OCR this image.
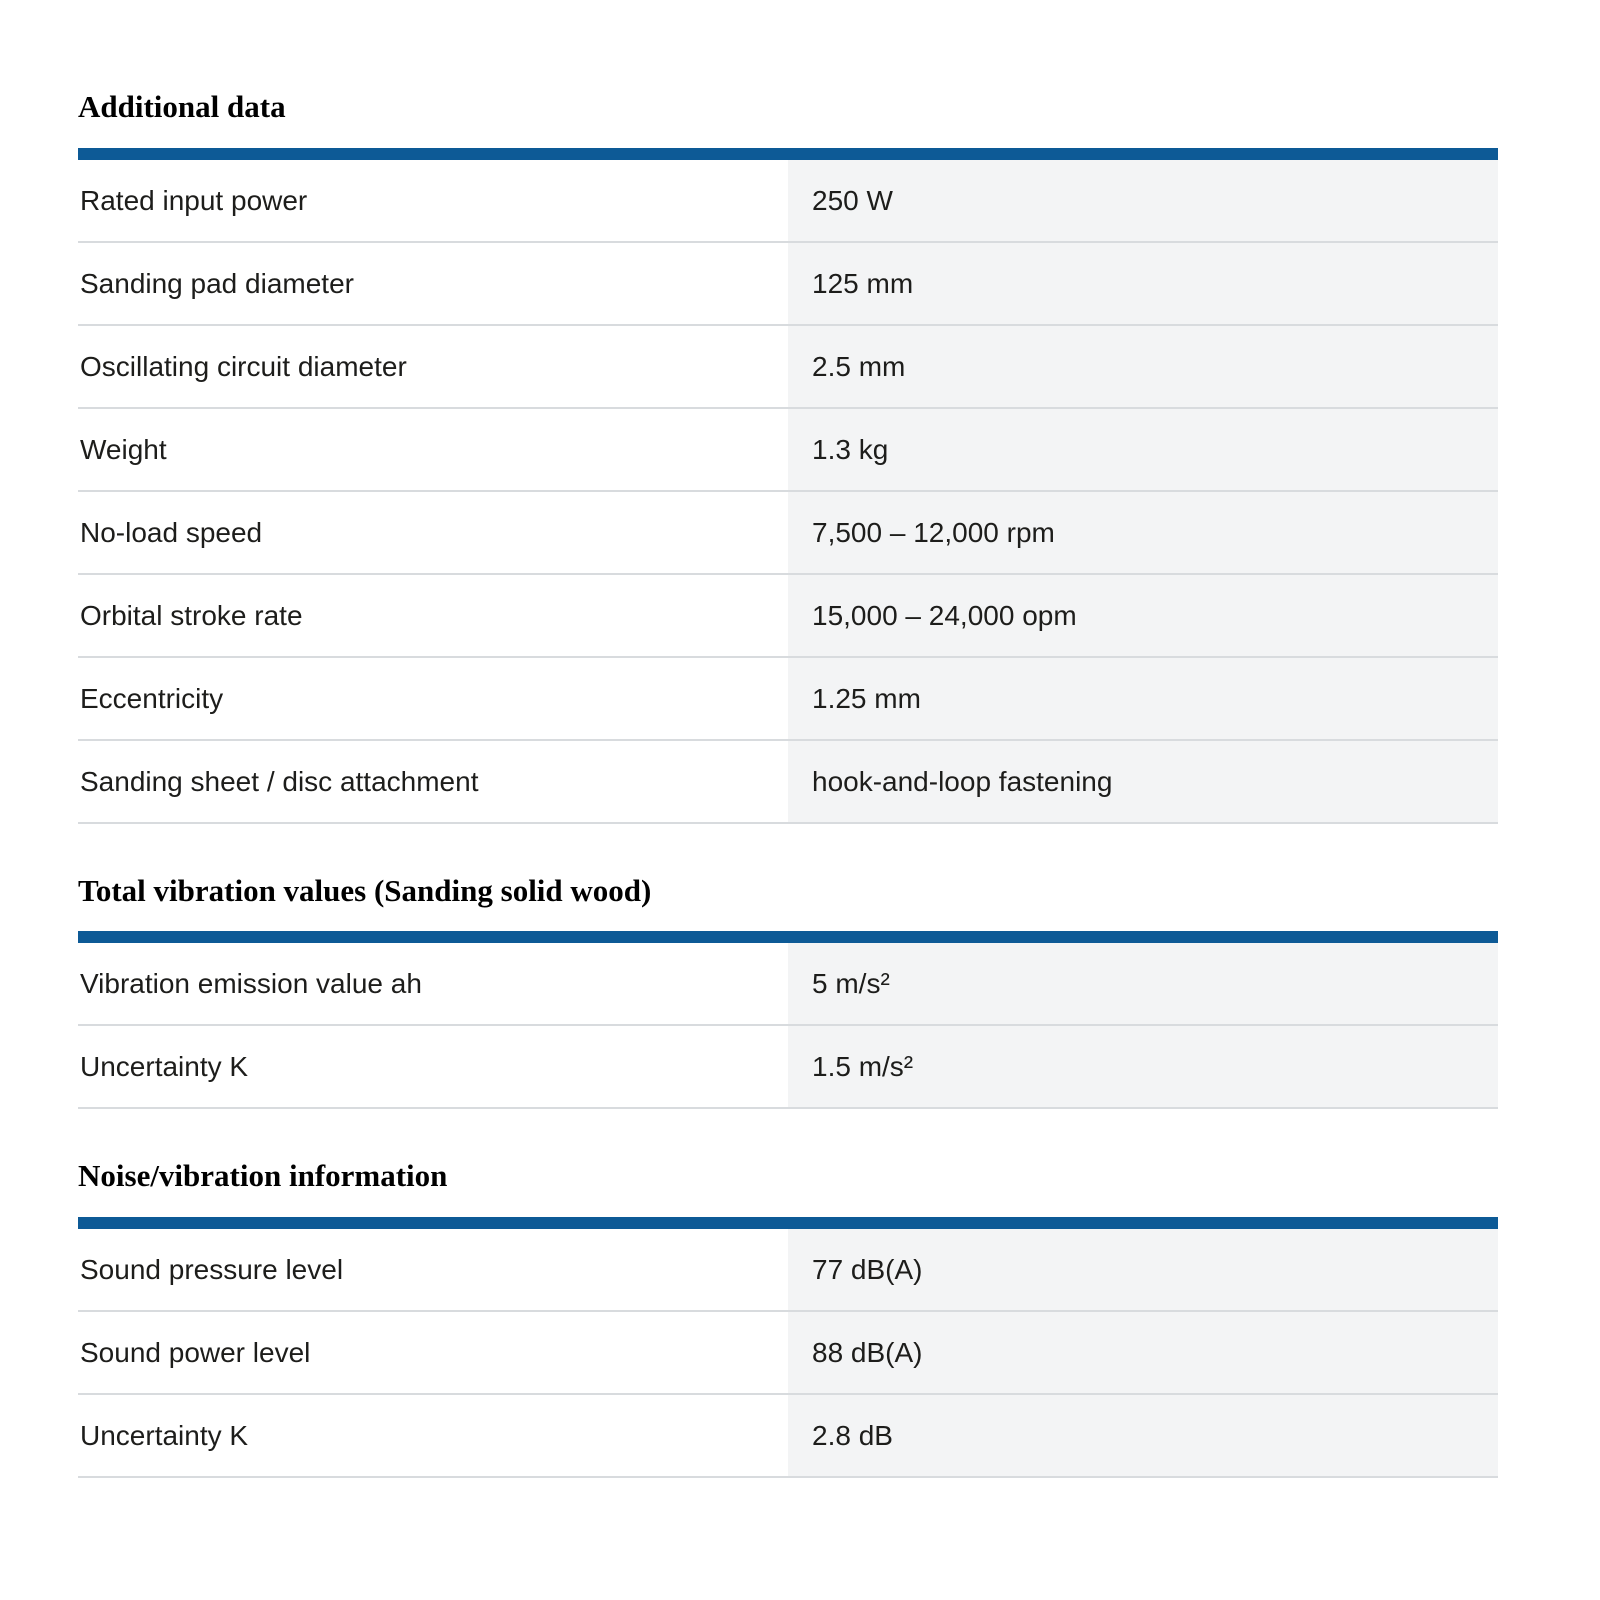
Additional data
Rated input power	250 W
Sanding pad diameter	125 mm
Oscillating circuit diameter	2.5 mm
Weight	1.3 kg
No-load speed	7,500 – 12,000 rpm
Orbital stroke rate	15,000 – 24,000 opm
Eccentricity	1.25 mm
Sanding sheet / disc attachment	hook-and-loop fastening
Total vibration values (Sanding solid wood)
Vibration emission value ah	5 m/s²
Uncertainty K	1.5 m/s²
Noise/vibration information
Sound pressure level	77 dB(A)
Sound power level	88 dB(A)
Uncertainty K	2.8 dB
